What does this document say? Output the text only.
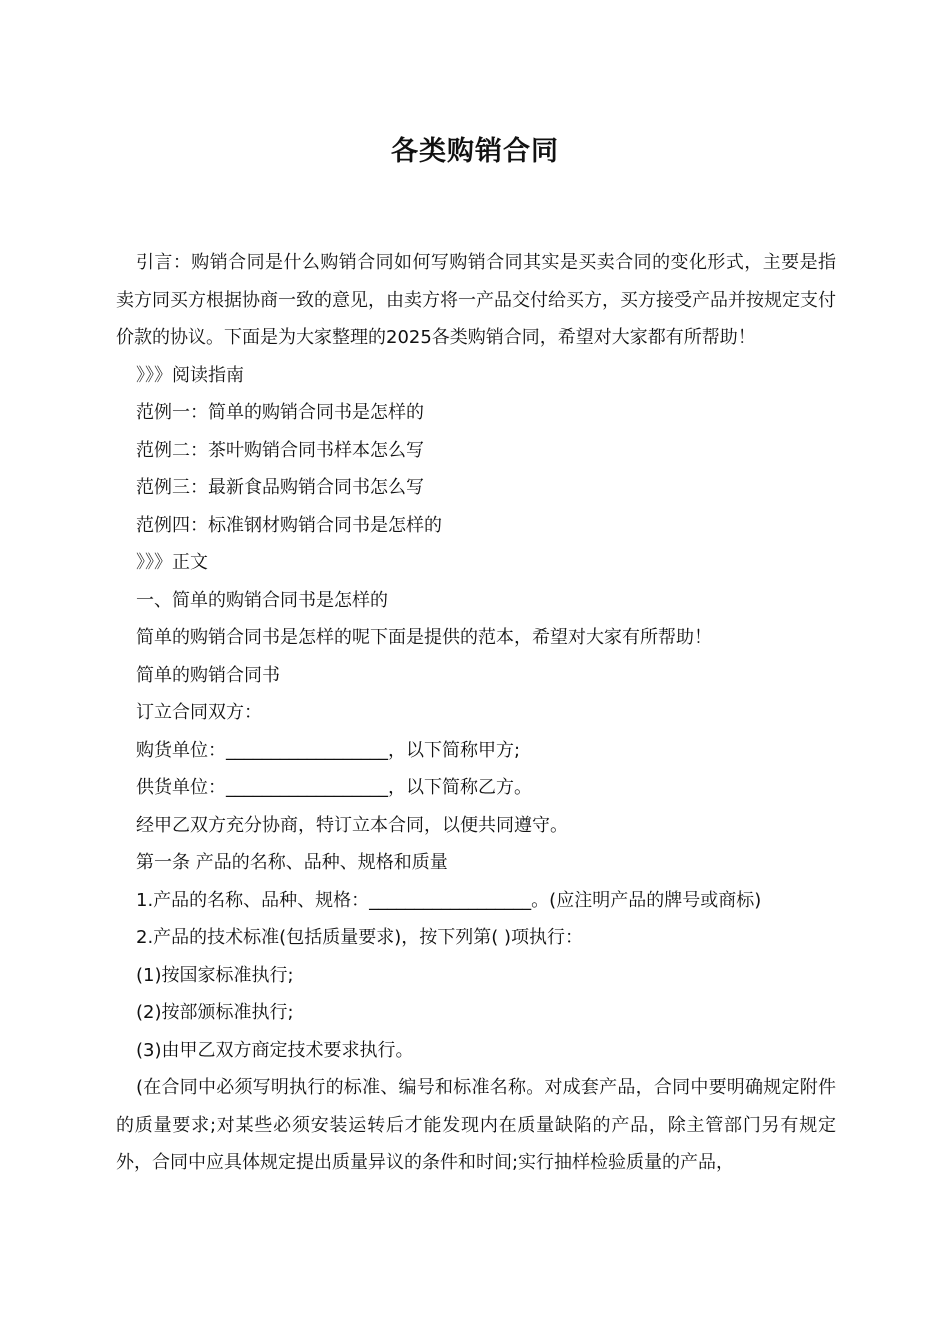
各类购销合同

引言：购销合同是什么购销合同如何写购销合同其实是买卖合同的变化形式，主要是指卖方同买方根据协商一致的意见，由卖方将一产品交付给买方，买方接受产品并按规定支付价款的协议。下面是为大家整理的2025各类购销合同，希望对大家都有所帮助！

》》》阅读指南

范例一：简单的购销合同书是怎样的

范例二：茶叶购销合同书样本怎么写

范例三：最新食品购销合同书怎么写

范例四：标准钢材购销合同书是怎样的

》》》正文

一、简单的购销合同书是怎样的

简单的购销合同书是怎样的呢下面是提供的范本，希望对大家有所帮助！

简单的购销合同书

订立合同双方：

购货单位：__________________，以下简称甲方;

供货单位：__________________，以下简称乙方。

经甲乙双方充分协商，特订立本合同，以便共同遵守。

第一条 产品的名称、品种、规格和质量

1.产品的名称、品种、规格：__________________。(应注明产品的牌号或商标)

2.产品的技术标准(包括质量要求)，按下列第( )项执行：

(1)按国家标准执行;

(2)按部颁标准执行;

(3)由甲乙双方商定技术要求执行。

(在合同中必须写明执行的标准、编号和标准名称。对成套产品，合同中要明确规定附件的质量要求;对某些必须安装运转后才能发现内在质量缺陷的产品，除主管部门另有规定外，合同中应具体规定提出质量异议的条件和时间;实行抽样检验质量的产品，
